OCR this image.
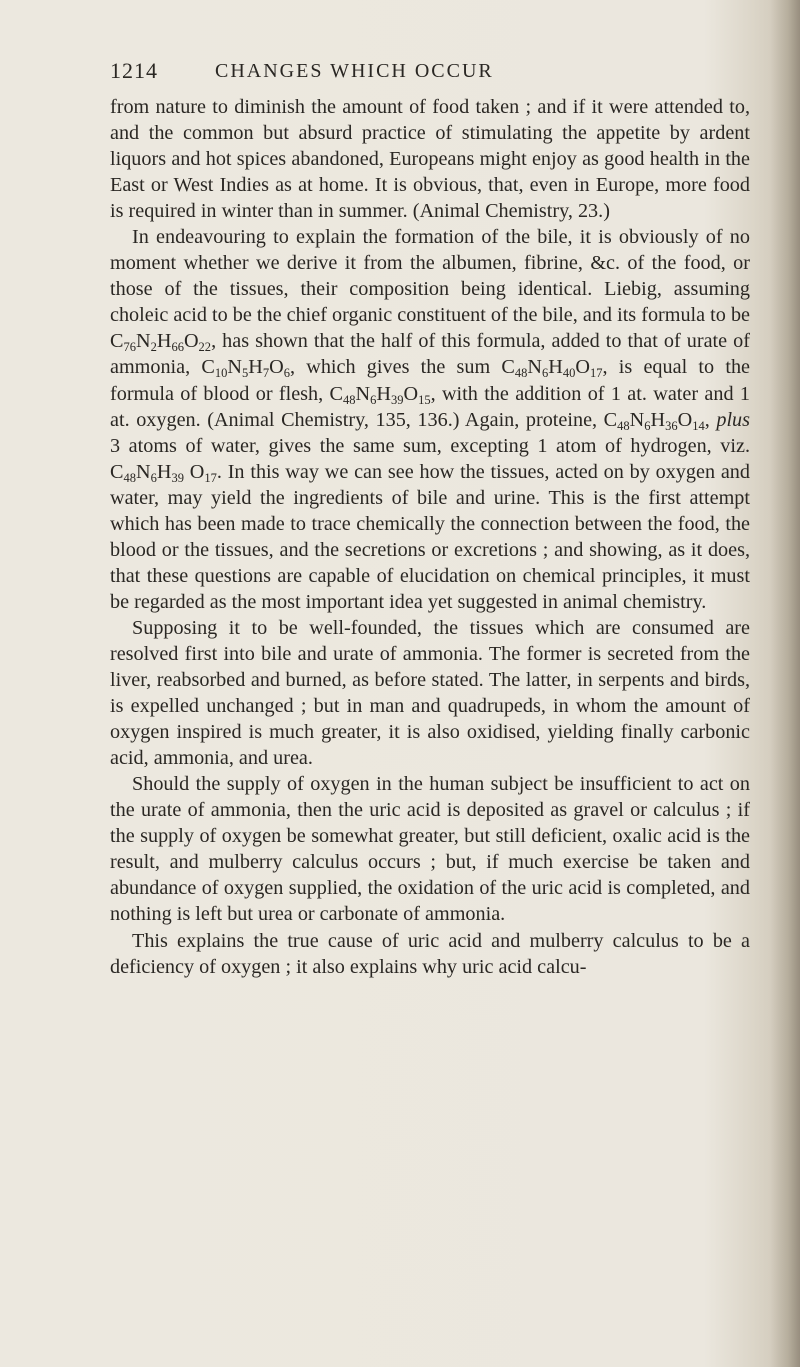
1214	CHANGES WHICH OCCUR

from nature to diminish the amount of food taken ; and if it were attended to, and the common but absurd practice of stimulating the appetite by ardent liquors and hot spices abandoned, Europeans might enjoy as good health in the East or West Indies as at home. It is obvious, that, even in Europe, more food is required in winter than in summer. (Animal Chemistry, 23.)

In endeavouring to explain the formation of the bile, it is obviously of no moment whether we derive it from the albumen, fibrine, &c. of the food, or those of the tissues, their composition being identical. Liebig, assuming choleic acid to be the chief organic constituent of the bile, and its formula to be $C_{76}N_2H_{66}O_{22}$, has shown that the half of this formula, added to that of urate of ammonia, $C_{10}N_5H_7O_6$, which gives the sum $C_{48}N_6H_{40}O_{17}$, is equal to the formula of blood or flesh, $C_{48}N_6H_{39}O_{15}$, with the addition of 1 at. water and 1 at. oxygen. (Animal Chemistry, 135, 136.) Again, proteine, $C_{48}N_6H_{36}O_{14}$, plus 3 atoms of water, gives the same sum, excepting 1 atom of hydrogen, viz. $C_{48}N_6H_{39}$ $O_{17}$. In this way we can see how the tissues, acted on by oxygen and water, may yield the ingredients of bile and urine. This is the first attempt which has been made to trace chemically the connection between the food, the blood or the tissues, and the secretions or excretions ; and showing, as it does, that these questions are capable of elucidation on chemical principles, it must be regarded as the most important idea yet suggested in animal chemistry.

Supposing it to be well-founded, the tissues which are consumed are resolved first into bile and urate of ammonia. The former is secreted from the liver, reabsorbed and burned, as before stated. The latter, in serpents and birds, is expelled unchanged ; but in man and quadrupeds, in whom the amount of oxygen inspired is much greater, it is also oxidised, yielding finally carbonic acid, ammonia, and urea.

Should the supply of oxygen in the human subject be insufficient to act on the urate of ammonia, then the uric acid is deposited as gravel or calculus ; if the supply of oxygen be somewhat greater, but still deficient, oxalic acid is the result, and mulberry calculus occurs ; but, if much exercise be taken and abundance of oxygen supplied, the oxidation of the uric acid is completed, and nothing is left but urea or carbonate of ammonia.

This explains the true cause of uric acid and mulberry calculus to be a deficiency of oxygen ; it also explains why uric acid calcu-
